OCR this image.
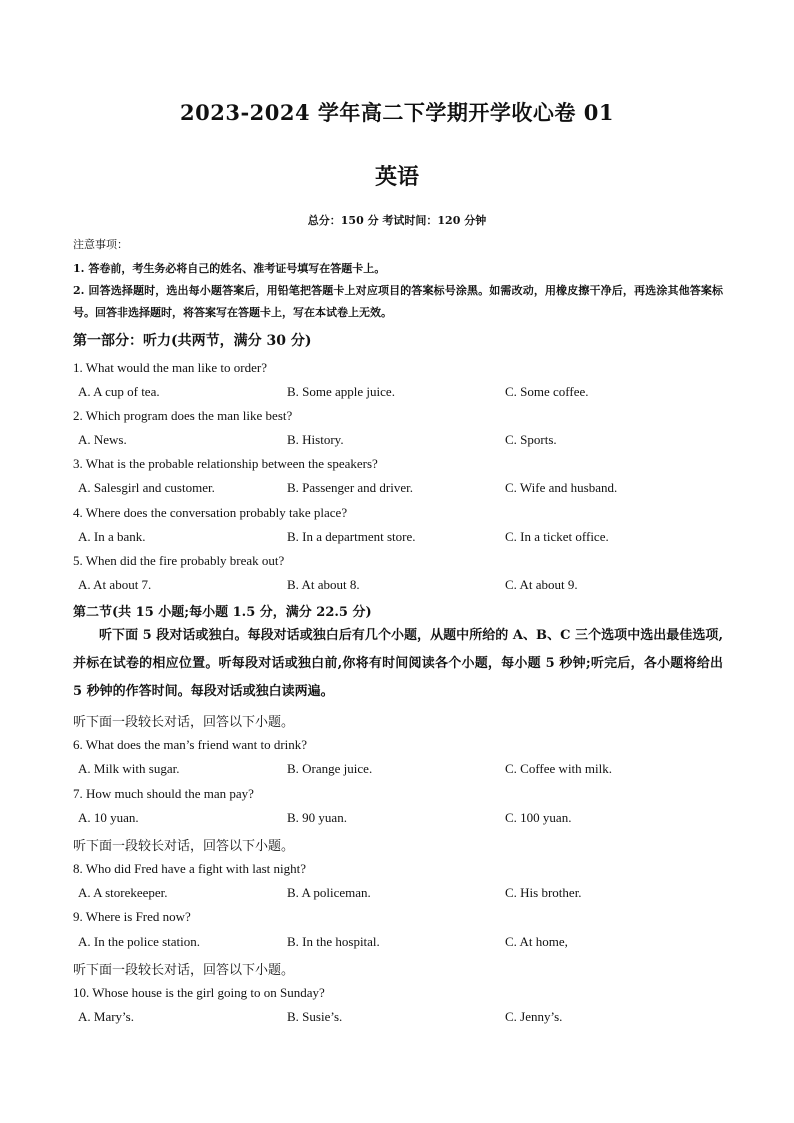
2023-2024 学年高二下学期开学收心卷 01
英语
总分：150 分 考试时间：120 分钟
注意事项：
1. 答卷前，考生务必将自己的姓名、准考证号填写在答题卡上。
2. 回答选择题时，选出每小题答案后，用铅笔把答题卡上对应项目的答案标号涂黑。如需改动，用橡皮擦干净后，再选涂其他答案标号。回答非选择题时，将答案写在答题卡上，写在本试卷上无效。
第一部分：听力(共两节，满分 30 分)
1. What would the man like to order?
A. A cup of tea.	B. Some apple juice.	C. Some coffee.
2. Which program does the man like best?
A. News.	B. History.	C. Sports.
3. What is the probable relationship between the speakers?
A. Salesgirl and customer.	B. Passenger and driver.	C. Wife and husband.
4. Where does the conversation probably take place?
A. In a bank.	B. In a department store.	C. In a ticket office.
5. When did the fire probably break out?
A. At about 7.	B. At about 8.	C. At about 9.
第二节(共 15 小题;每小题 1.5 分，满分 22.5 分)
听下面 5 段对话或独白。每段对话或独白后有几个小题，从题中所给的 A、B、C 三个选项中选出最佳选项,并标在试卷的相应位置。听每段对话或独白前,你将有时间阅读各个小题，每小题 5 秒钟;听完后，各小题将给出 5 秒钟的作答时间。每段对话或独白读两遍。
听下面一段较长对话，回答以下小题。
6. What does the man’s friend want to drink?
A. Milk with sugar.	B. Orange juice.	C. Coffee with milk.
7. How much should the man pay?
A. 10 yuan.	B. 90 yuan.	C. 100 yuan.
听下面一段较长对话，回答以下小题。
8. Who did Fred have a fight with last night?
A. A storekeeper.	B. A policeman.	C. His brother.
9. Where is Fred now?
A. In the police station.	B. In the hospital.	C. At home,
听下面一段较长对话，回答以下小题。
10. Whose house is the girl going to on Sunday?
A. Mary’s.	B. Susie’s.	C. Jenny’s.
